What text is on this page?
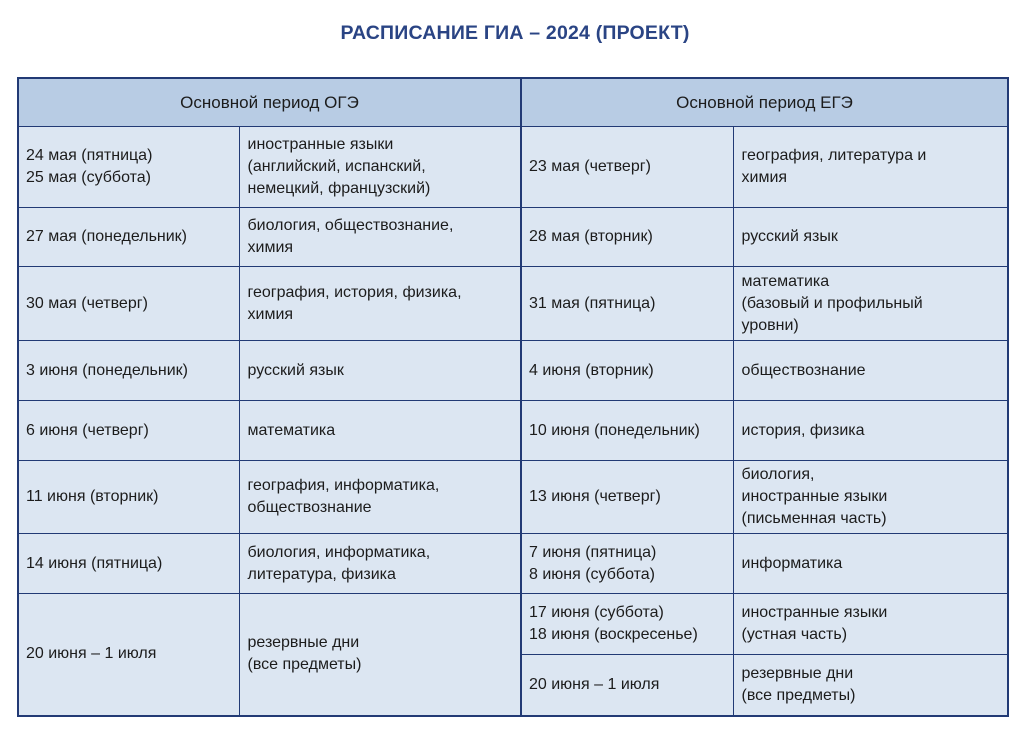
РАСПИСАНИЕ ГИА – 2024 (ПРОЕКТ)
Основной период ОГЭ		Основной период ЕГЭ	

24 мая (пятница)
25 мая (суббота)	иностранные языки
(английский, испанский,
немецкий, французский)	23 мая (четверг)	география, литература и
химия

27 мая (понедельник)	биология, обществознание,
химия	28 мая (вторник)	русский язык

30 мая (четверг)	география, история, физика,
химия	31 мая (пятница)	математика
(базовый и профильный
уровни)

3 июня (понедельник)	русский язык	4 июня (вторник)	обществознание

6 июня (четверг)	математика	10 июня (понедельник)	история, физика

11 июня (вторник)	география, информатика,
обществознание	13 июня (четверг)	биология,
иностранные языки
(письменная часть)

14 июня (пятница)	биология, информатика,
литература, физика	7 июня (пятница)
8 июня (суббота)	информатика

20 июня – 1 июля	резервные дни
(все предметы)	17 июня (суббота)
18 июня (воскресенье)	иностранные языки
(устная часть)

		20 июня – 1 июля	резервные дни
(все предметы)
